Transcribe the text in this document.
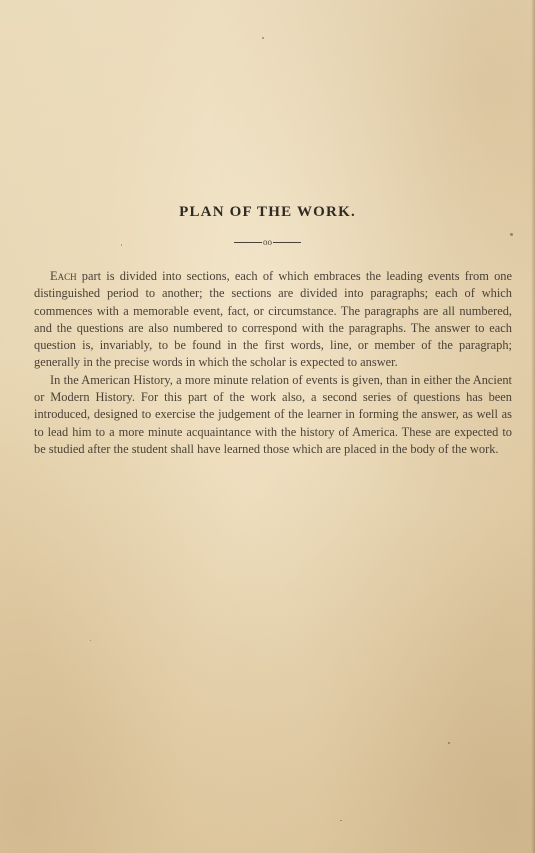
PLAN OF THE WORK.
oo

Each part is divided into sections, each of which embraces the leading events from one distinguished period to another; the sections are divided into paragraphs; each of which commences with a memorable event, fact, or circumstance. The paragraphs are all numbered, and the questions are also numbered to correspond with the paragraphs. The answer to each question is, invariably, to be found in the first words, line, or member of the paragraph; generally in the precise words in which the scholar is expected to answer.

In the American History, a more minute relation of events is given, than in either the Ancient or Modern History. For this part of the work also, a second series of questions has been introduced, designed to exercise the judgement of the learner in forming the answer, as well as to lead him to a more minute acquaintance with the history of America. These are expected to be studied after the student shall have learned those which are placed in the body of the work.
